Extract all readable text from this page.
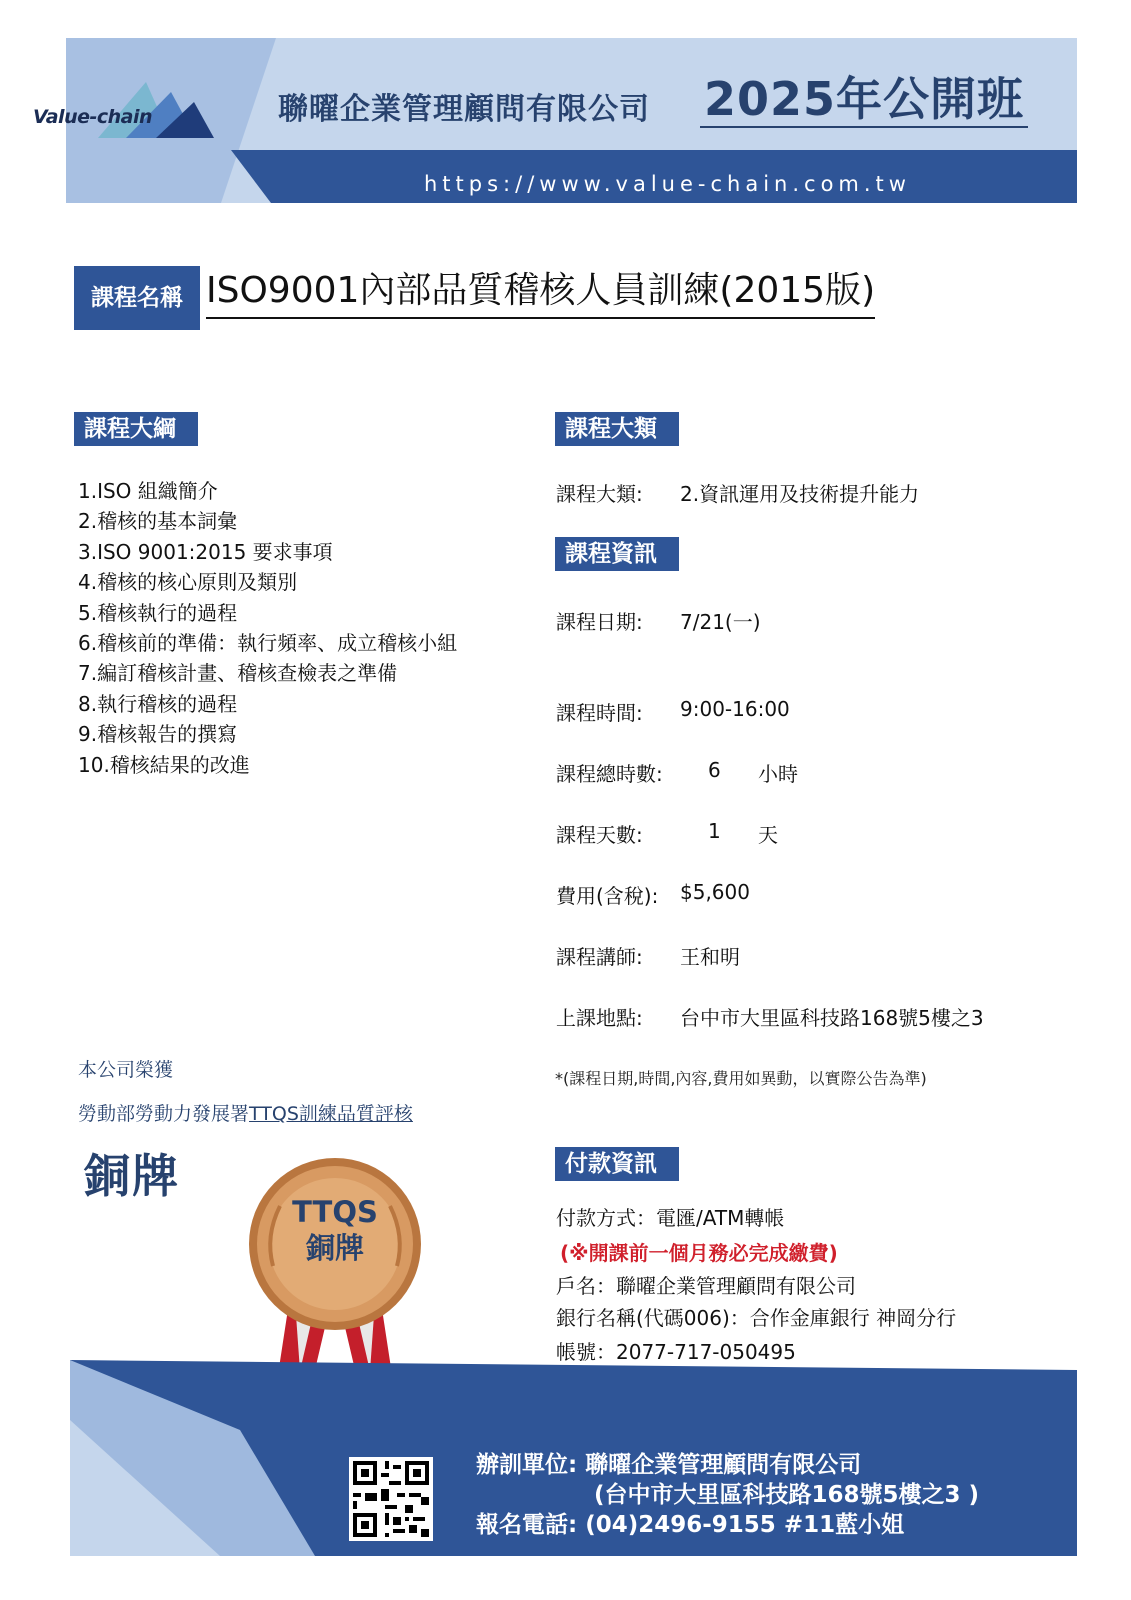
Value-chain	聯曜企業管理顧問有限公司 2025年公開班
https://www.value-chain.com.tw
課程名稱 ISO9001內部品質稽核人員訓練(2015版)
課程大綱
1.ISO 組織簡介
2.稽核的基本詞彙
3.ISO 9001:2015 要求事項
4.稽核的核心原則及類別
5.稽核執行的過程
6.稽核前的準備：執行頻率、成立稽核小組
7.編訂稽核計畫、稽核查檢表之準備
8.執行稽核的過程
9.稽核報告的撰寫
10.稽核結果的改進
課程大類
課程大類: 2.資訊運用及技術提升能力
課程資訊
課程日期: 7/21(一)
課程時間: 9:00-16:00
課程總時數: 6 小時
課程天數:	1 天
費用(含稅): $5,600
課程講師: 王和明
上課地點: 台中市大里區科技路168號5樓之3
*(課程日期,時間,內容,費用如異動，以實際公告為準)
本公司榮獲
勞動部勞動力發展署TTQS訓練品質評核
銅牌
TTQS
銅牌
付款資訊
付款方式：電匯/ATM轉帳
(※開課前一個月務必完成繳費)
戶名：聯曜企業管理顧問有限公司
銀行名稱(代碼006)：合作金庫銀行 神岡分行
帳號：2077-717-050495
辦訓單位: 聯曜企業管理顧問有限公司
(台中市大里區科技路168號5樓之3 )
報名電話: (04)2496-9155 #11藍小姐
